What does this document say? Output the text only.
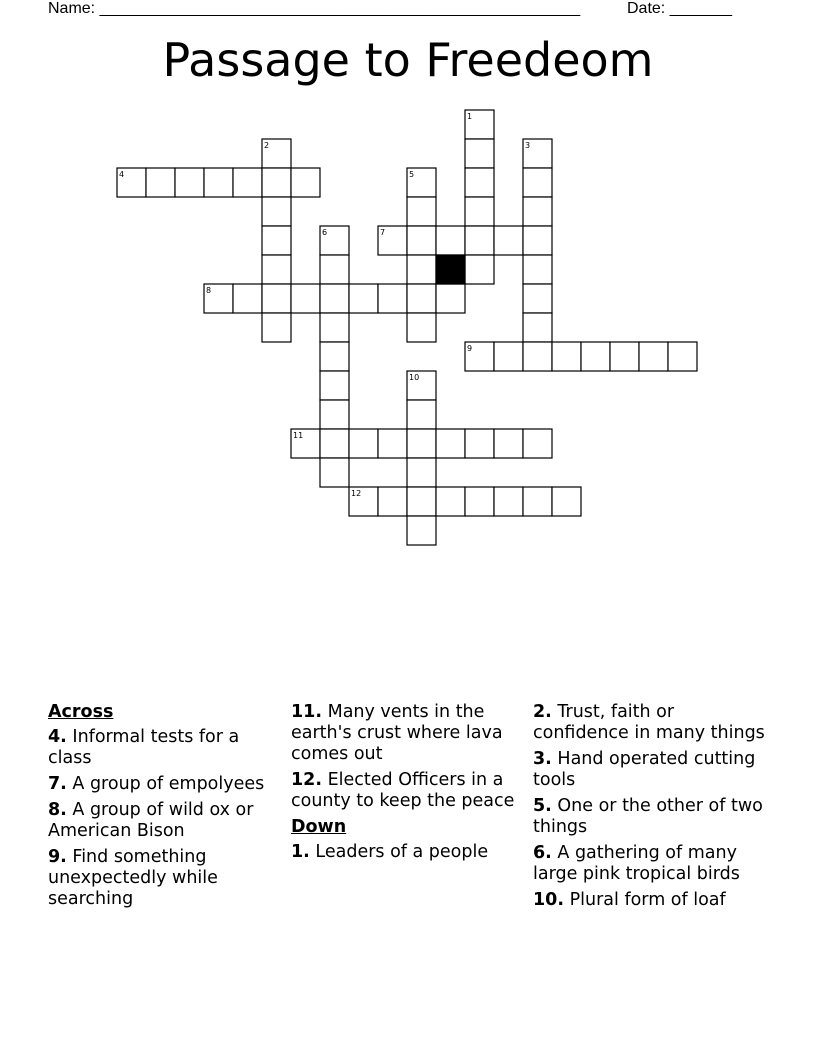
Name: ______________________________________________________	Date: _______
Passage to Freedeom
1
2	3
4	5
6	7
8
9
10
11
12
Across
4. Informal tests for a class
7. A group of empolyees
8. A group of wild ox or American Bison
9. Find something unexpectedly while searching
11. Many vents in the earth's crust where lava comes out
12. Elected Officers in a county to keep the peace
Down
1. Leaders of a people
2. Trust, faith or confidence in many things
3. Hand operated cutting tools
5. One or the other of two things
6. A gathering of many large pink tropical birds
10. Plural form of loaf
